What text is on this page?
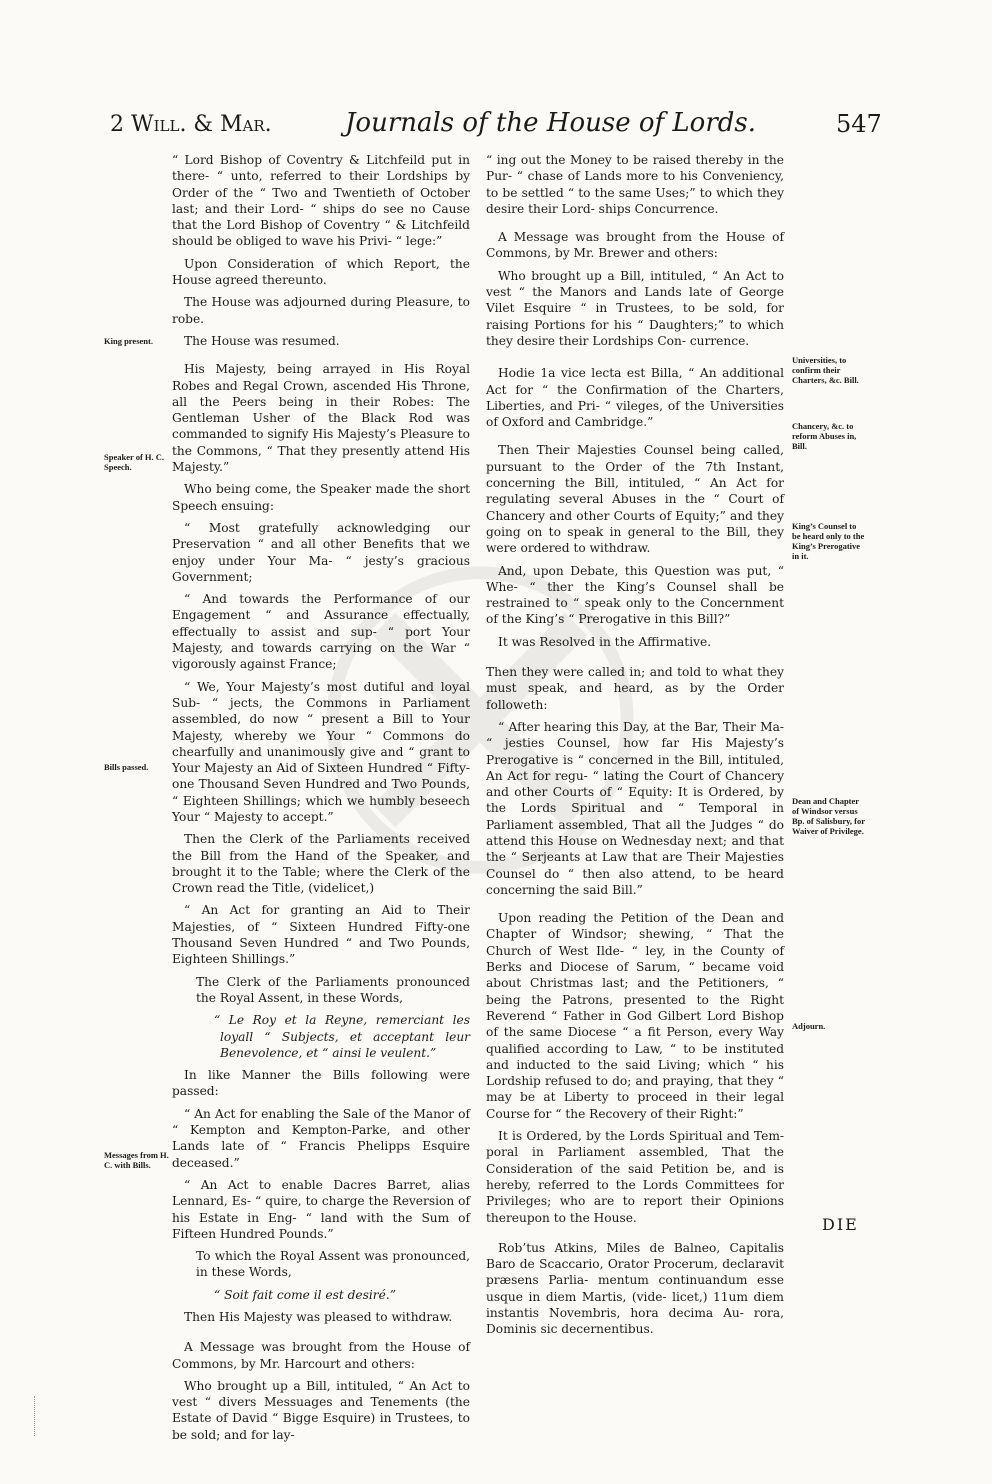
2 Will. & Mar.	Journals of the House of Lords.	547

“ Lord Bishop of Coventry & Litchfeild put in there‑ “ unto, referred to their Lordships by Order of the “ Two and Twentieth of October last; and their Lord‑ “ ships do see no Cause that the Lord Bishop of Coventry “ & Litchfeild should be obliged to wave his Privi‑ “ lege:”

Upon Consideration of which Report, the House agreed thereunto.

The House was adjourned during Pleasure, to robe.

The House was resumed.

His Majesty, being arrayed in His Royal Robes and Regal Crown, ascended His Throne, all the Peers being in their Robes: The Gentleman Usher of the Black Rod was commanded to signify His Majesty’s Pleasure to the Commons, “ That they presently attend His Majesty.”

Who being come, the Speaker made the short Speech ensuing:

“ Most gratefully acknowledging our Preservation “ and all other Benefits that we enjoy under Your Ma‑ “ jesty’s gracious Government;

“ And towards the Performance of our Engagement “ and Assurance effectually, effectually to assist and sup‑ “ port Your Majesty, and towards carrying on the War “ vigorously against France;

“ We, Your Majesty’s most dutiful and loyal Sub‑ “ jects, the Commons in Parliament assembled, do now “ present a Bill to Your Majesty, whereby we Your “ Commons do chearfully and unanimously give and “ grant to Your Majesty an Aid of Sixteen Hundred “ Fifty-one Thousand Seven Hundred and Two Pounds, “ Eighteen Shillings; which we humbly beseech Your “ Majesty to accept.”

Then the Clerk of the Parliaments received the Bill from the Hand of the Speaker, and brought it to the Table; where the Clerk of the Crown read the Title, (videlicet,)

“ An Act for granting an Aid to Their Majesties, of “ Sixteen Hundred Fifty-one Thousand Seven Hundred “ and Two Pounds, Eighteen Shillings.”

The Clerk of the Parliaments pronounced the Royal Assent, in these Words,

“ Le Roy et la Reyne, remerciant les loyall “ Subjects, et acceptant leur Benevolence, et “ ainsi le veulent.”

In like Manner the Bills following were passed:

“ An Act for enabling the Sale of the Manor of “ Kempton and Kempton-Parke, and other Lands late of “ Francis Phelipps Esquire deceased.”

“ An Act to enable Dacres Barret, alias Lennard, Es‑ “ quire, to charge the Reversion of his Estate in Eng‑ “ land with the Sum of Fifteen Hundred Pounds.”

To which the Royal Assent was pronounced, in these Words,

“ Soit fait come il est desiré.”

Then His Majesty was pleased to withdraw.

A Message was brought from the House of Commons, by Mr. Harcourt and others:

Who brought up a Bill, intituled, “ An Act to vest “ divers Messuages and Tenements (the Estate of David “ Bigge Esquire) in Trustees, to be sold; and for lay‑

“ ing out the Money to be raised thereby in the Pur‑ “ chase of Lands more to his Conveniency, to be settled “ to the same Uses;” to which they desire their Lord‑ ships Concurrence.

A Message was brought from the House of Commons, by Mr. Brewer and others:

Who brought up a Bill, intituled, “ An Act to vest “ the Manors and Lands late of George Vilet Esquire “ in Trustees, to be sold, for raising Portions for his “ Daughters;” to which they desire their Lordships Con‑ currence.

Hodie 1a vice lecta est Billa, “ An additional Act for “ the Confirmation of the Charters, Liberties, and Pri‑ “ vileges, of the Universities of Oxford and Cambridge.”

Then Their Majesties Counsel being called, pursuant to the Order of the 7th Instant, concerning the Bill, intituled, “ An Act for regulating several Abuses in the “ Court of Chancery and other Courts of Equity;” and they going on to speak in general to the Bill, they were ordered to withdraw.

And, upon Debate, this Question was put, “ Whe‑ “ ther the King’s Counsel shall be restrained to “ speak only to the Concernment of the King’s “ Prerogative in this Bill?”

It was Resolved in the Affirmative.

Then they were called in; and told to what they must speak, and heard, as by the Order followeth:

“ After hearing this Day, at the Bar, Their Ma‑ “ jesties Counsel, how far His Majesty’s Prerogative is “ concerned in the Bill, intituled, An Act for regu‑ “ lating the Court of Chancery and other Courts of “ Equity: It is Ordered, by the Lords Spiritual and “ Temporal in Parliament assembled, That all the Judges “ do attend this House on Wednesday next; and that the “ Serjeants at Law that are Their Majesties Counsel do “ then also attend, to be heard concerning the said Bill.”

Upon reading the Petition of the Dean and Chapter of Windsor; shewing, “ That the Church of West Ilde‑ “ ley, in the County of Berks and Diocese of Sarum, “ became void about Christmas last; and the Petitioners, “ being the Patrons, presented to the Right Reverend “ Father in God Gilbert Lord Bishop of the same Diocese “ a fit Person, every Way qualified according to Law, “ to be instituted and inducted to the said Living; which “ his Lordship refused to do; and praying, that they “ may be at Liberty to proceed in their legal Course for “ the Recovery of their Right:”

It is Ordered, by the Lords Spiritual and Tem‑ poral in Parliament assembled, That the Consideration of the said Petition be, and is hereby, referred to the Lords Committees for Privileges; who are to report their Opinions thereupon to the House.

Rob’tus Atkins, Miles de Balneo, Capitalis Baro de Scaccario, Orator Procerum, declaravit præsens Parlia‑ mentum continuandum esse usque in diem Martis, (vide‑ licet,) 11um diem instantis Novembris, hora decima Au‑ rora, Dominis sic decernentibus.

King present.
Speaker of H. C. Speech.
Bills passed.
Messages from H. C. with Bills.
Universities, to confirm their Charters, &c. Bill.
Chancery, &c. to reform Abuses in, Bill.
King’s Counsel to be heard only to the King’s Prerogative in it.
Dean and Chapter of Windsor versus Bp. of Salisbury, for Waiver of Privilege.
Adjourn.
DIE
